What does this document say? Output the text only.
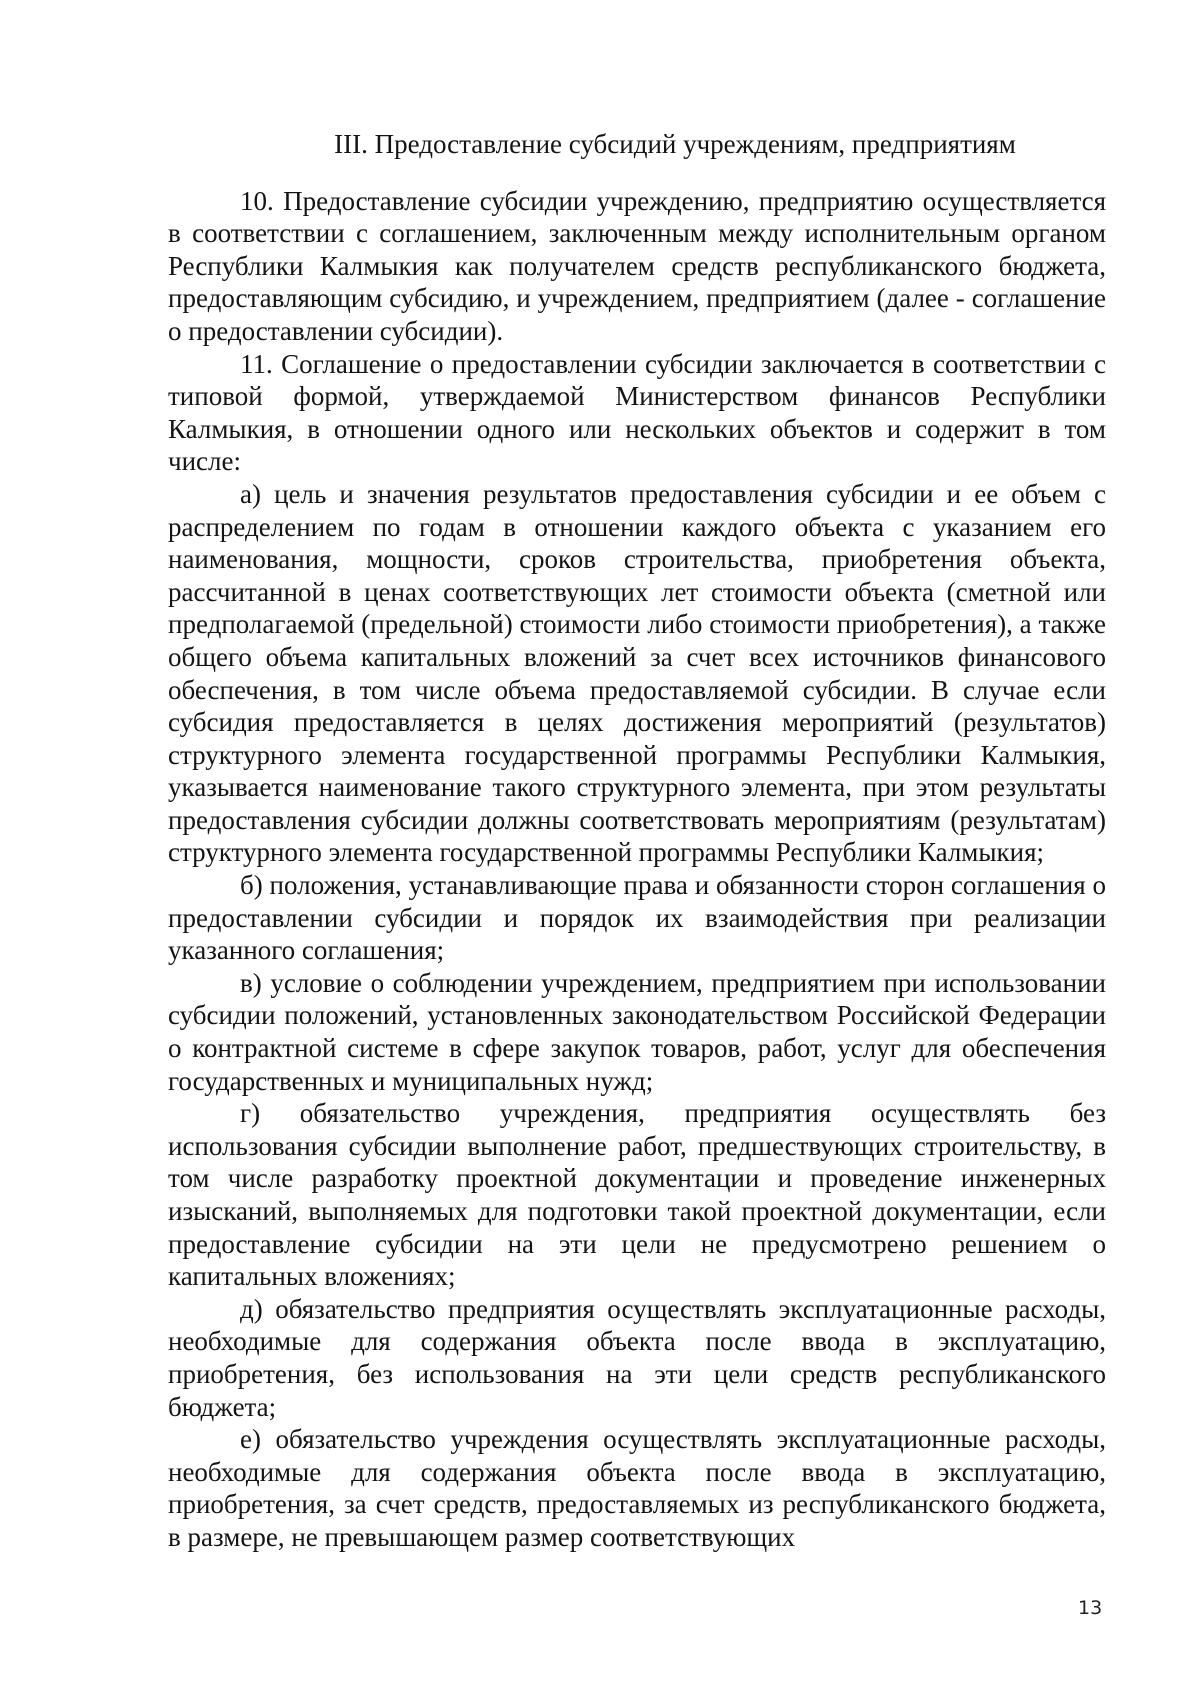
III. Предоставление субсидий учреждениям, предприятиям

10. Предоставление субсидии учреждению, предприятию осуществляется в соответствии с соглашением, заключенным между исполнительным органом Республики Калмыкия как получателем средств республиканского бюджета, предоставляющим субсидию, и учреждением, предприятием (далее - соглашение о предоставлении субсидии).

11. Соглашение о предоставлении субсидии заключается в соответствии с типовой формой, утверждаемой Министерством финансов Республики Калмыкия, в отношении одного или нескольких объектов и содержит в том числе:

а) цель и значения результатов предоставления субсидии и ее объем с распределением по годам в отношении каждого объекта с указанием его наименования, мощности, сроков строительства, приобретения объекта, рассчитанной в ценах соответствующих лет стоимости объекта (сметной или предполагаемой (предельной) стоимости либо стоимости приобретения), а также общего объема капитальных вложений за счет всех источников финансового обеспечения, в том числе объема предоставляемой субсидии. В случае если субсидия предоставляется в целях достижения мероприятий (результатов) структурного элемента государственной программы Республики Калмыкия, указывается наименование такого структурного элемента, при этом результаты предоставления субсидии должны соответствовать мероприятиям (результатам) структурного элемента государственной программы Республики Калмыкия;

б) положения, устанавливающие права и обязанности сторон соглашения о предоставлении субсидии и порядок их взаимодействия при реализации указанного соглашения;

в) условие о соблюдении учреждением, предприятием при использовании субсидии положений, установленных законодательством Российской Федерации о контрактной системе в сфере закупок товаров, работ, услуг для обеспечения государственных и муниципальных нужд;

г) обязательство учреждения, предприятия осуществлять без использования субсидии выполнение работ, предшествующих строительству, в том числе разработку проектной документации и проведение инженерных изысканий, выполняемых для подготовки такой проектной документации, если предоставление субсидии на эти цели не предусмотрено решением о капитальных вложениях;

д) обязательство предприятия осуществлять эксплуатационные расходы, необходимые для содержания объекта после ввода в эксплуатацию, приобретения, без использования на эти цели средств республиканского бюджета;

е) обязательство учреждения осуществлять эксплуатационные расходы, необходимые для содержания объекта после ввода в эксплуатацию, приобретения, за счет средств, предоставляемых из республиканского бюджета, в размере, не превышающем размер соответствующих

13
